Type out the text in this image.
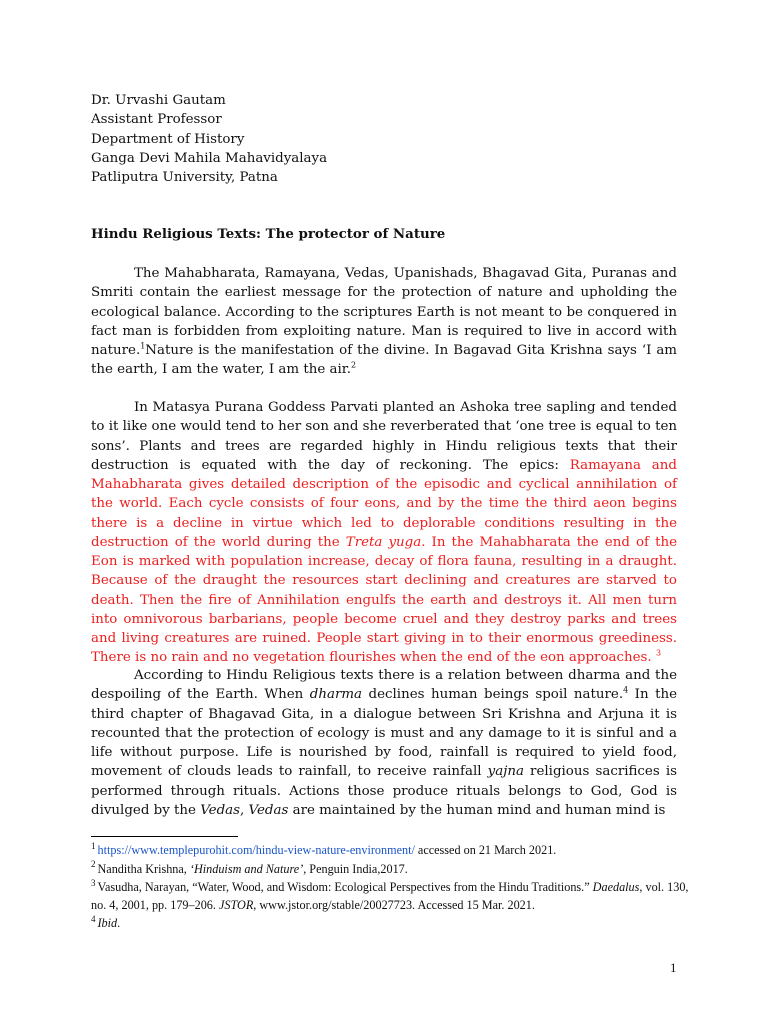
Dr. Urvashi Gautam
Assistant Professor
Department of History
Ganga Devi Mahila Mahavidyalaya
Patliputra University, Patna
Hindu Religious Texts: The protector of Nature
The Mahabharata, Ramayana, Vedas, Upanishads, Bhagavad Gita, Puranas and Smriti contain the earliest message for the protection of nature and upholding the ecological balance. According to the scriptures Earth is not meant to be conquered in fact man is forbidden from exploiting nature. Man is required to live in accord with nature.$^1$Nature is the manifestation of the divine. In Bagavad Gita Krishna says ‘I am the earth, I am the water, I am the air.$^2$
In Matasya Purana Goddess Parvati planted an Ashoka tree sapling and tended to it like one would tend to her son and she reverberated that ‘one tree is equal to ten sons’. Plants and trees are regarded highly in Hindu religious texts that their destruction is equated with the day of reckoning. The epics: Ramayana and Mahabharata gives detailed description of the episodic and cyclical annihilation of the world. Each cycle consists of four eons, and by the time the third aeon begins there is a decline in virtue which led to deplorable conditions resulting in the destruction of the world during the Treta yuga. In the Mahabharata the end of the Eon is marked with population increase, decay of flora fauna, resulting in a draught. Because of the draught the resources start declining and creatures are starved to death. Then the fire of Annihilation engulfs the earth and destroys it. All men turn into omnivorous barbarians, people become cruel and they destroy parks and trees and living creatures are ruined. People start giving in to their enormous greediness. There is no rain and no vegetation flourishes when the end of the eon approaches. $^3$
According to Hindu Religious texts there is a relation between dharma and the despoiling of the Earth. When dharma declines human beings spoil nature.$^4$ In the third chapter of Bhagavad Gita, in a dialogue between Sri Krishna and Arjuna it is recounted that the protection of ecology is must and any damage to it is sinful and a life without purpose. Life is nourished by food, rainfall is required to yield food, movement of clouds leads to rainfall, to receive rainfall yajna religious sacrifices is performed through rituals. Actions those produce rituals belongs to God, God is divulged by the Vedas, Vedas are maintained by the human mind and human mind is
$^1$ https://www.templepurohit.com/hindu-view-nature-environment/ accessed on 21 March 2021.
$^2$ Nanditha Krishna, ‘Hinduism and Nature’, Penguin India,2017.
$^3$ Vasudha, Narayan, “Water, Wood, and Wisdom: Ecological Perspectives from the Hindu Traditions.” Daedalus, vol. 130, no. 4, 2001, pp. 179–206. JSTOR, www.jstor.org/stable/20027723. Accessed 15 Mar. 2021.
$^4$ Ibid.
1
